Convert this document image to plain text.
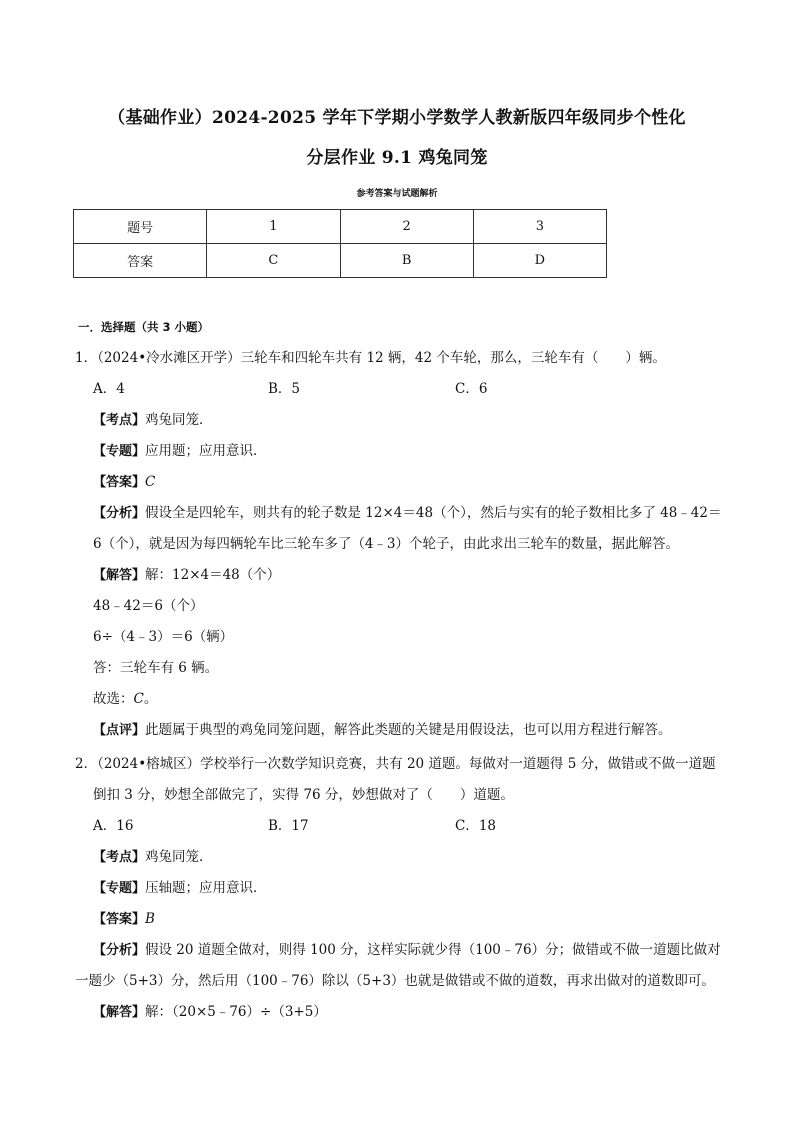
（基础作业）2024-2025 学年下学期小学数学人教新版四年级同步个性化
分层作业 9.1 鸡兔同笼
参考答案与试题解析
题号	1	2	3
答案	C	B	D
一．选择题（共 3 小题）
1．（2024•冷水滩区开学）三轮车和四轮车共有 12 辆，42 个车轮，那么，三轮车有（　　）辆。
A．4	B．5	C．6
【考点】鸡兔同笼．
【专题】应用题；应用意识．
【答案】C
【分析】假设全是四轮车，则共有的轮子数是 12×4＝48（个），然后与实有的轮子数相比多了 48﹣42＝
6（个），就是因为每四辆轮车比三轮车多了（4﹣3）个轮子，由此求出三轮车的数量，据此解答。
【解答】解：12×4＝48（个）
48﹣42＝6（个）
6÷（4﹣3）＝6（辆）
答：三轮车有 6 辆。
故选：C。
【点评】此题属于典型的鸡兔同笼问题，解答此类题的关键是用假设法，也可以用方程进行解答。
2．（2024•榕城区）学校举行一次数学知识竞赛，共有 20 道题。每做对一道题得 5 分，做错或不做一道题
倒扣 3 分，妙想全部做完了，实得 76 分，妙想做对了（　　）道题。
A．16	B．17	C．18
【考点】鸡兔同笼．
【专题】压轴题；应用意识．
【答案】B
【分析】假设 20 道题全做对，则得 100 分，这样实际就少得（100﹣76）分；做错或不做一道题比做对
一题少（5+3）分，然后用（100﹣76）除以（5+3）也就是做错或不做的道数，再求出做对的道数即可。
【解答】解：（20×5﹣76）÷（3+5）
